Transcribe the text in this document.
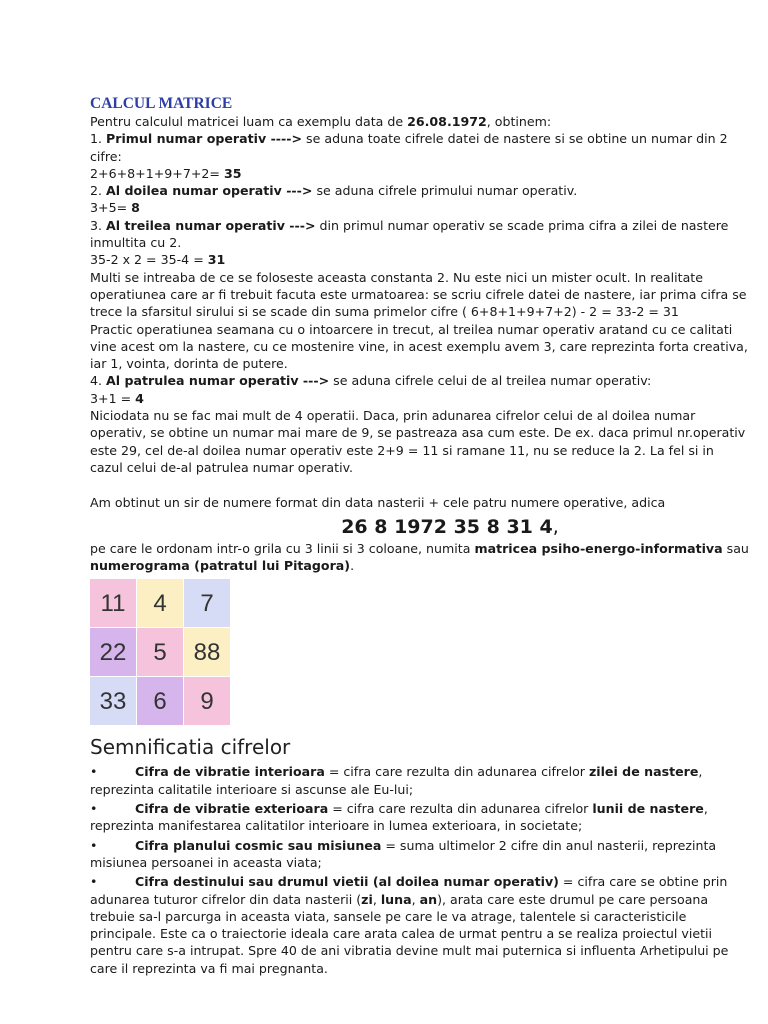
CALCUL MATRICE

Pentru calculul matricei luam ca exemplu data de 26.08.1972, obtinem:

1. Primul numar operativ ----> se aduna toate cifrele datei de nastere si se obtine un numar din 2 cifre:

2+6+8+1+9+7+2= 35

2. Al doilea numar operativ ---> se aduna cifrele primului numar operativ.

3+5= 8

3. Al treilea numar operativ ---> din primul numar operativ se scade prima cifra a zilei de nastere inmultita cu 2.

35-2 x 2 = 35-4 = 31

Multi se intreaba de ce se foloseste aceasta constanta 2. Nu este nici un mister ocult. In realitate operatiunea care ar fi trebuit facuta este urmatoarea: se scriu cifrele datei de nastere, iar prima cifra se trece la sfarsitul sirului si se scade din suma primelor cifre ( 6+8+1+9+7+2) - 2 = 33-2 = 31

Practic operatiunea seamana cu o intoarcere in trecut, al treilea numar operativ aratand cu ce calitati vine acest om la nastere, cu ce mostenire vine, in acest exemplu avem 3, care reprezinta forta creativa, iar 1, vointa, dorinta de putere.

4. Al patrulea numar operativ ---> se aduna cifrele celui de al treilea numar operativ:

3+1 = 4

Niciodata nu se fac mai mult de 4 operatii. Daca, prin adunarea cifrelor celui de al doilea numar operativ, se obtine un numar mai mare de 9, se pastreaza asa cum este. De ex. daca primul nr.operativ este 29, cel de-al doilea numar operativ este 2+9 = 11 si ramane 11, nu se reduce la 2. La fel si in cazul celui de-al patrulea numar operativ.

Am obtinut un sir de numere format din data nasterii + cele patru numere operative, adica

26 8 1972 35 8 31 4,

pe care le ordonam intr-o grila cu 3 linii si 3 coloane, numita matricea psiho-energo-informativa sau numerograma (patratul lui Pitagora).

11	4	7
22	5	88
33	6	9
Semnificatia cifrelor

•	Cifra de vibratie interioara = cifra care rezulta din adunarea cifrelor zilei de nastere, reprezinta calitatile interioare si ascunse ale Eu-lui;

•	Cifra de vibratie exterioara = cifra care rezulta din adunarea cifrelor lunii de nastere, reprezinta manifestarea calitatilor interioare in lumea exterioara, in societate;

•	Cifra planului cosmic sau misiunea = suma ultimelor 2 cifre din anul nasterii, reprezinta misiunea persoanei in aceasta viata;

•	Cifra destinului sau drumul vietii (al doilea numar operativ) = cifra care se obtine prin adunarea tuturor cifrelor din data nasterii (zi, luna, an), arata care este drumul pe care persoana trebuie sa-l parcurga in aceasta viata, sansele pe care le va atrage, talentele si caracteristicile principale. Este ca o traiectorie ideala care arata calea de urmat pentru a se realiza proiectul vietii pentru care s-a intrupat. Spre 40 de ani vibratia devine mult mai puternica si influenta Arhetipului pe care il reprezinta va fi mai pregnanta.
